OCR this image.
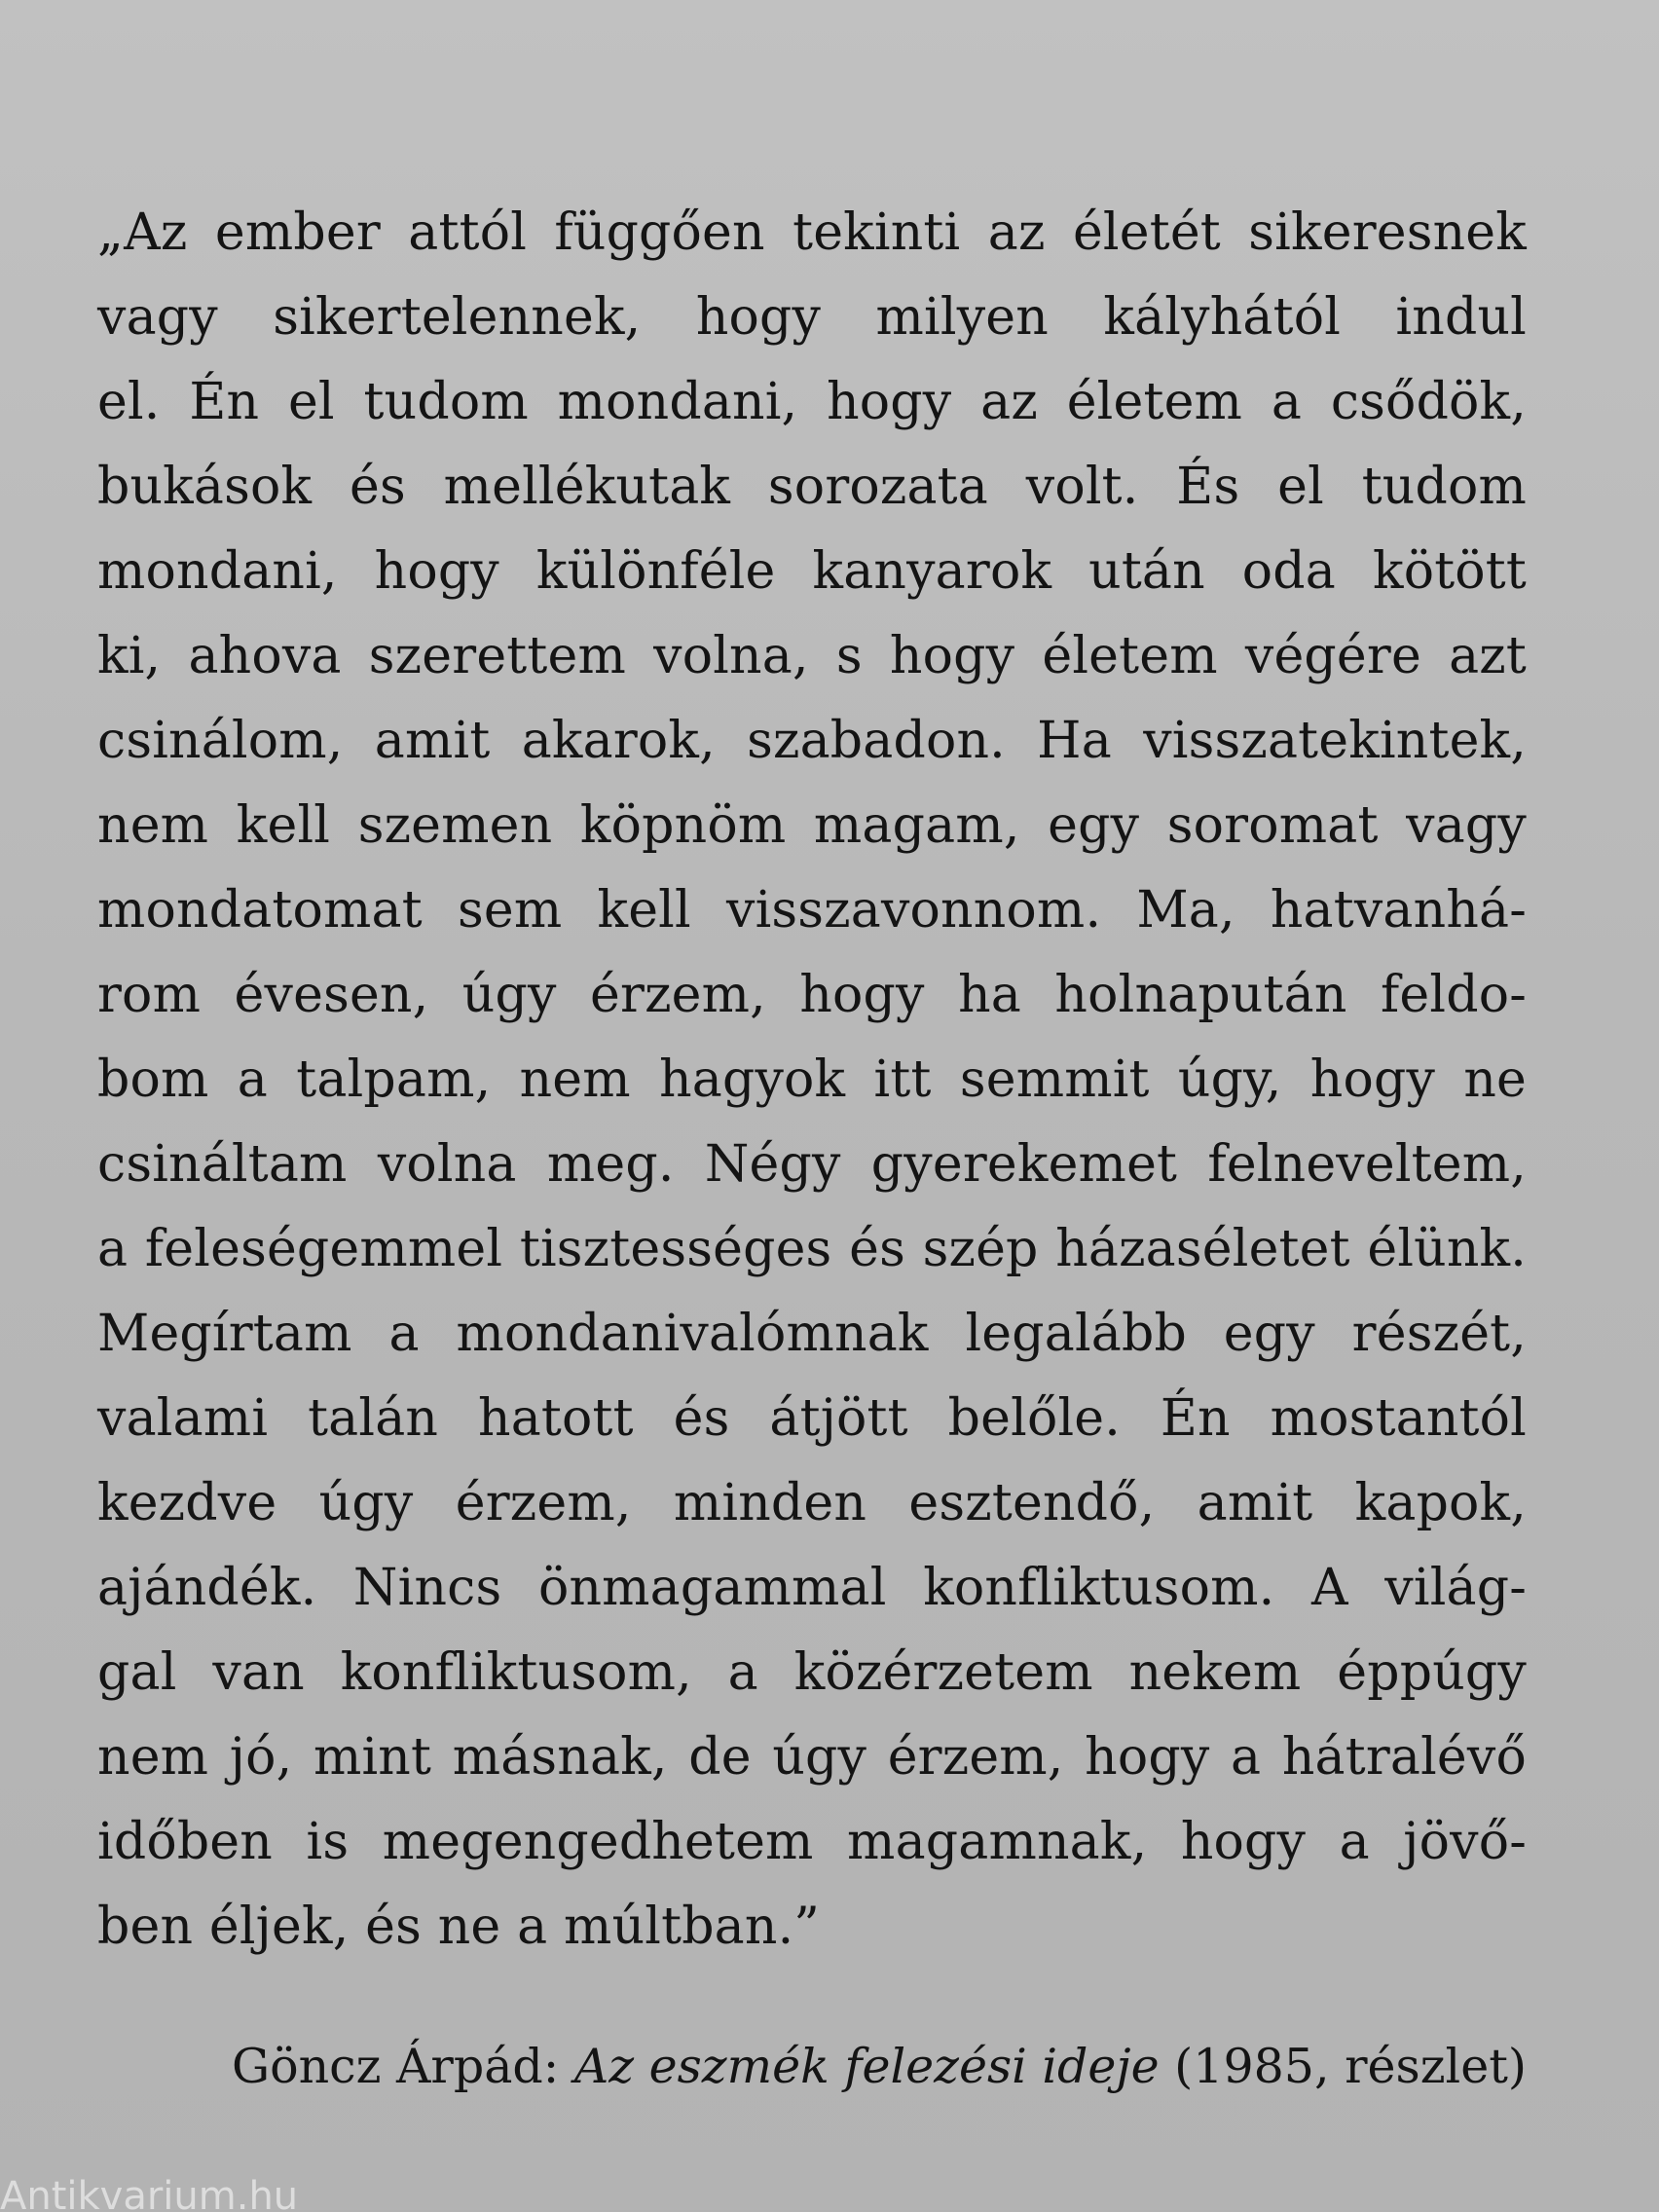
„Az ember attól függően tekinti az életét sikeresnek
vagy sikertelennek, hogy milyen kályhától indul
el. Én el tudom mondani, hogy az életem a csődök,
bukások és mellékutak sorozata volt. És el tudom
mondani, hogy különféle kanyarok után oda kötött
ki, ahova szerettem volna, s hogy életem végére azt
csinálom, amit akarok, szabadon. Ha visszatekintek,
nem kell szemen köpnöm magam, egy soromat vagy
mondatomat sem kell visszavonnom. Ma, hatvanhá-
rom évesen, úgy érzem, hogy ha holnapután feldo-
bom a talpam, nem hagyok itt semmit úgy, hogy ne
csináltam volna meg. Négy gyerekemet felneveltem,
a feleségemmel tisztességes és szép házaséletet élünk.
Megírtam a mondanivalómnak legalább egy részét,
valami talán hatott és átjött belőle. Én mostantól
kezdve úgy érzem, minden esztendő, amit kapok,
ajándék. Nincs önmagammal konfliktusom. A világ-
gal van konfliktusom, a közérzetem nekem éppúgy
nem jó, mint másnak, de úgy érzem, hogy a hátralévő
időben is megengedhetem magamnak, hogy a jövő-
ben éljek, és ne a múltban.”
Göncz Árpád: Az eszmék felezési ideje (1985, részlet)
Antikvarium.hu
